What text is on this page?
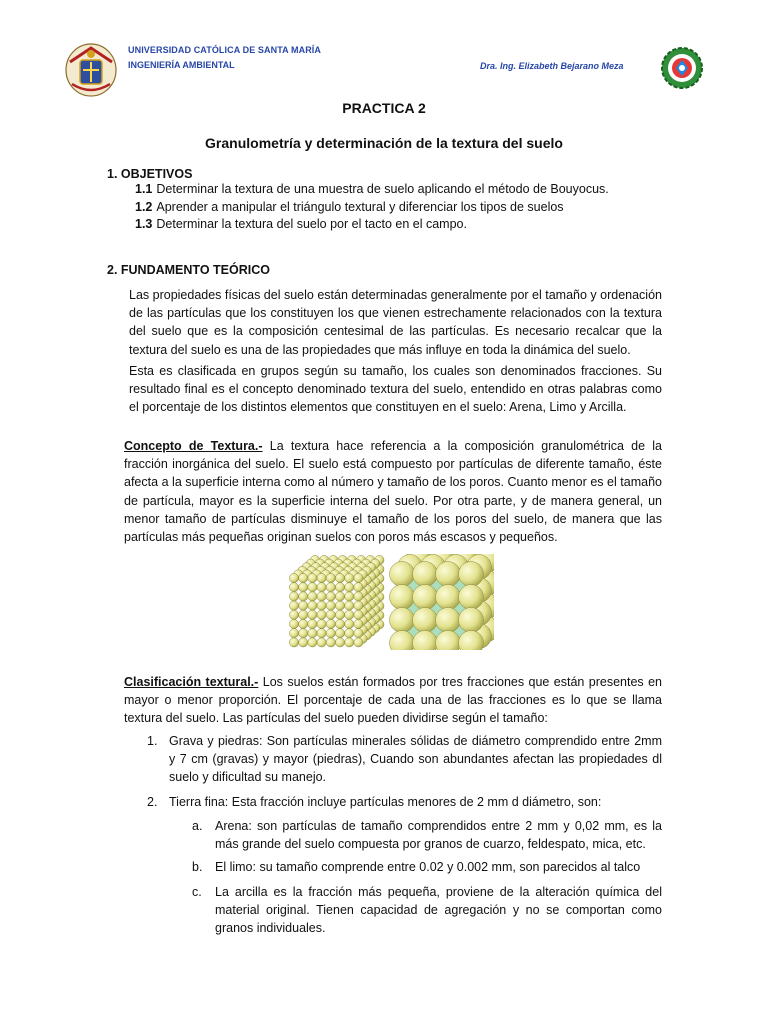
UNIVERSIDAD CATÓLICA DE SANTA MARÍA
INGENIERÍA AMBIENTAL	Dra. Ing. Elizabeth Bejarano Meza
PRACTICA 2
Granulometría y determinación de la textura del suelo
1. OBJETIVOS
1.1 Determinar la textura de una muestra de suelo aplicando el método de Bouyocus.
1.2 Aprender a manipular el triángulo textural y diferenciar los tipos de suelos
1.3 Determinar la textura del suelo por el tacto en el campo.
2. FUNDAMENTO TEÓRICO
Las propiedades físicas del suelo están determinadas generalmente por el tamaño y ordenación de las partículas que los constituyen los que vienen estrechamente relacionados con la textura del suelo que es la composición centesimal de las partículas. Es necesario recalcar que la textura del suelo es una de las propiedades que más influye en toda la dinámica del suelo.
Esta es clasificada en grupos según su tamaño, los cuales son denominados fracciones. Su resultado final es el concepto denominado textura del suelo, entendido en otras palabras como el porcentaje de los distintos elementos que constituyen en el suelo: Arena, Limo y Arcilla.
Concepto de Textura.- La textura hace referencia a la composición granulométrica de la fracción inorgánica del suelo. El suelo está compuesto por partículas de diferente tamaño, éste afecta a la superficie interna como al número y tamaño de los poros. Cuanto menor es el tamaño de partícula, mayor es la superficie interna del suelo. Por otra parte, y de manera general, un menor tamaño de partículas disminuye el tamaño de los poros del suelo, de manera que las partículas más pequeñas originan suelos con poros más escasos y pequeños.
Clasificación textural.- Los suelos están formados por tres fracciones que están presentes en mayor o menor proporción. El porcentaje de cada una de las fracciones es lo que se llama textura del suelo. Las partículas del suelo pueden dividirse según el tamaño:
1. Grava y piedras: Son partículas minerales sólidas de diámetro comprendido entre 2mm y 7 cm (gravas) y mayor (piedras), Cuando son abundantes afectan las propiedades dl suelo y dificultad su manejo.
2. Tierra fina: Esta fracción incluye partículas menores de 2 mm d diámetro, son:
a. Arena: son partículas de tamaño comprendidos entre 2 mm y 0,02 mm, es la más grande del suelo compuesta por granos de cuarzo, feldespato, mica, etc.
b. El limo: su tamaño comprende entre 0.02 y 0.002 mm, son parecidos al talco
c. La arcilla es la fracción más pequeña, proviene de la alteración química del material original. Tienen capacidad de agregación y no se comportan como granos individuales.
